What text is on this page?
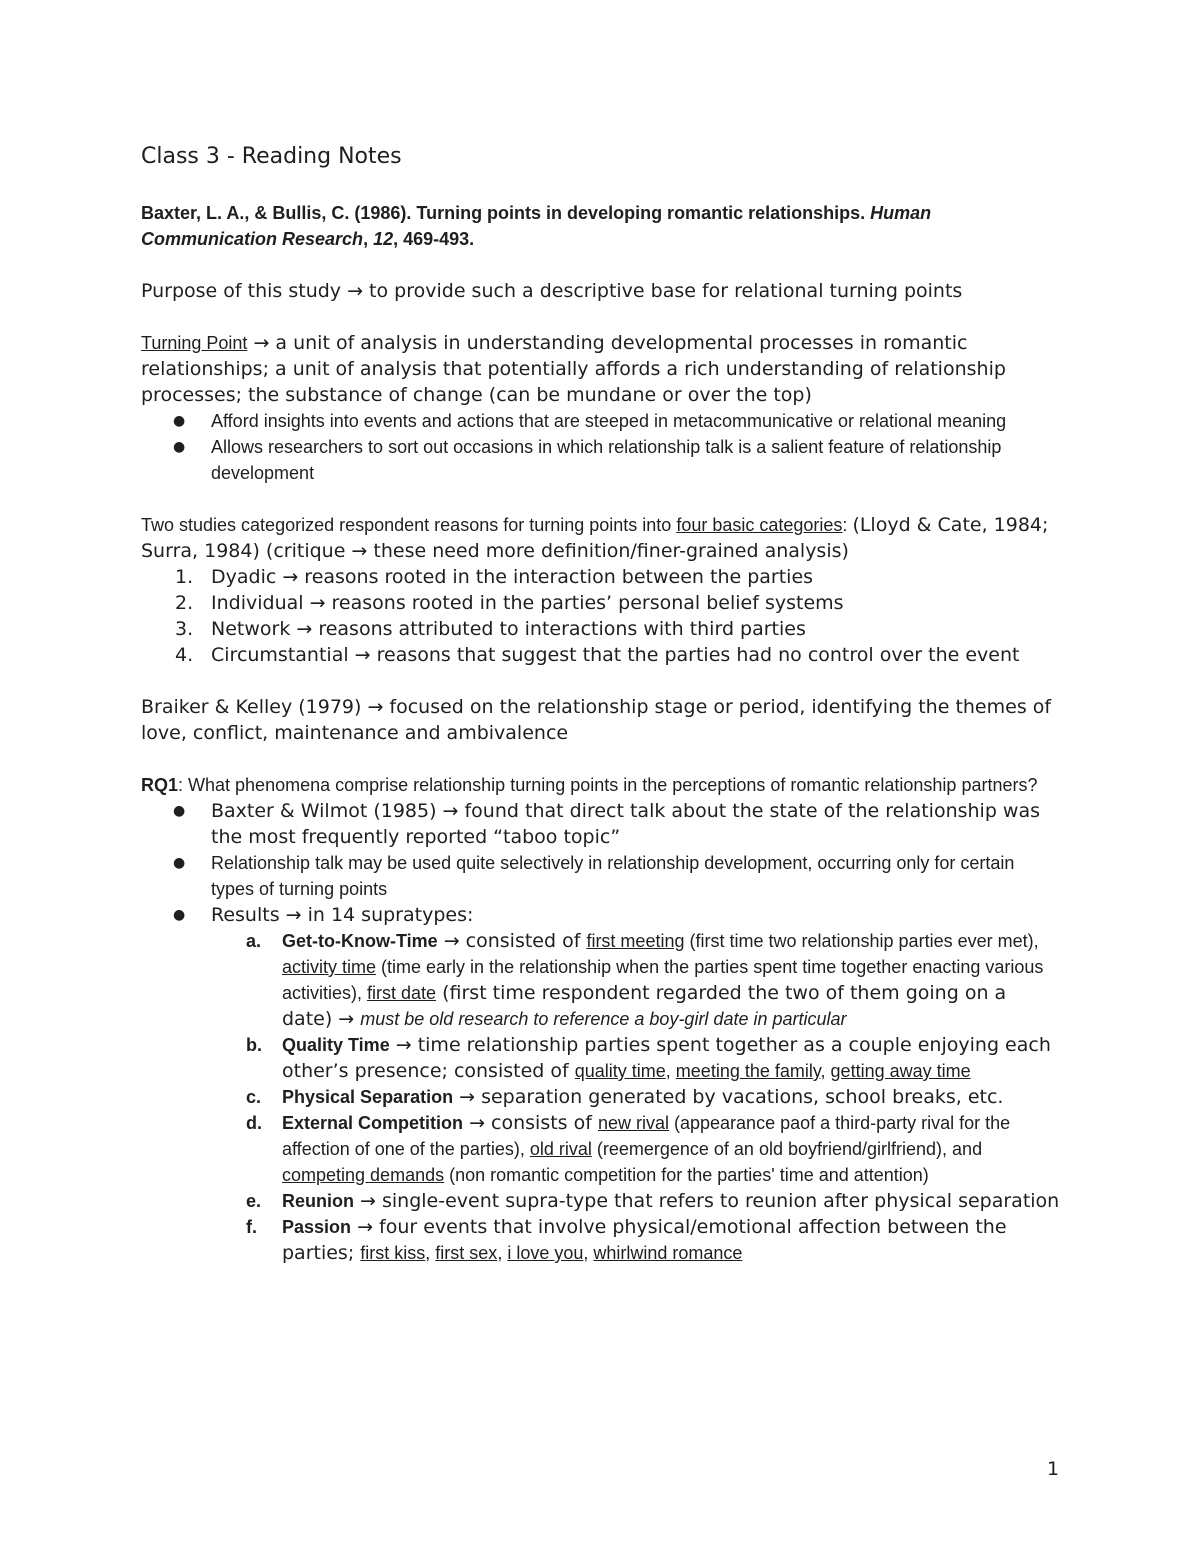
Class 3 - Reading Notes
Baxter, L. A., & Bullis, C. (1986). Turning points in developing romantic relationships. Human Communication Research, 12, 469-493.
Purpose of this study → to provide such a descriptive base for relational turning points
Turning Point → a unit of analysis in understanding developmental processes in romantic relationships; a unit of analysis that potentially affords a rich understanding of relationship processes; the substance of change (can be mundane or over the top)
● Afford insights into events and actions that are steeped in metacommunicative or relational meaning
● Allows researchers to sort out occasions in which relationship talk is a salient feature of relationship development
Two studies categorized respondent reasons for turning points into four basic categories: (Lloyd & Cate, 1984; Surra, 1984) (critique → these need more definition/finer-grained analysis)
1. Dyadic → reasons rooted in the interaction between the parties
2. Individual → reasons rooted in the parties’ personal belief systems
3. Network → reasons attributed to interactions with third parties
4. Circumstantial → reasons that suggest that the parties had no control over the event
Braiker & Kelley (1979) → focused on the relationship stage or period, identifying the themes of love, conflict, maintenance and ambivalence
RQ1: What phenomena comprise relationship turning points in the perceptions of romantic relationship partners?
● Baxter & Wilmot (1985) → found that direct talk about the state of the relationship was the most frequently reported “taboo topic”
● Relationship talk may be used quite selectively in relationship development, occurring only for certain types of turning points
● Results → in 14 supratypes:
a. Get-to-Know-Time → consisted of first meeting (first time two relationship parties ever met), activity time (time early in the relationship when the parties spent time together enacting various activities), first date (first time respondent regarded the two of them going on a date) → must be old research to reference a boy-girl date in particular
b. Quality Time → time relationship parties spent together as a couple enjoying each other’s presence; consisted of quality time, meeting the family, getting away time
c. Physical Separation → separation generated by vacations, school breaks, etc.
d. External Competition → consists of new rival (appearance paof a third-party rival for the affection of one of the parties), old rival (reemergence of an old boyfriend/girlfriend), and competing demands (non romantic competition for the parties' time and attention)
e. Reunion → single-event supra-type that refers to reunion after physical separation
f. Passion → four events that involve physical/emotional affection between the parties; first kiss, first sex, i love you, whirlwind romance
1
